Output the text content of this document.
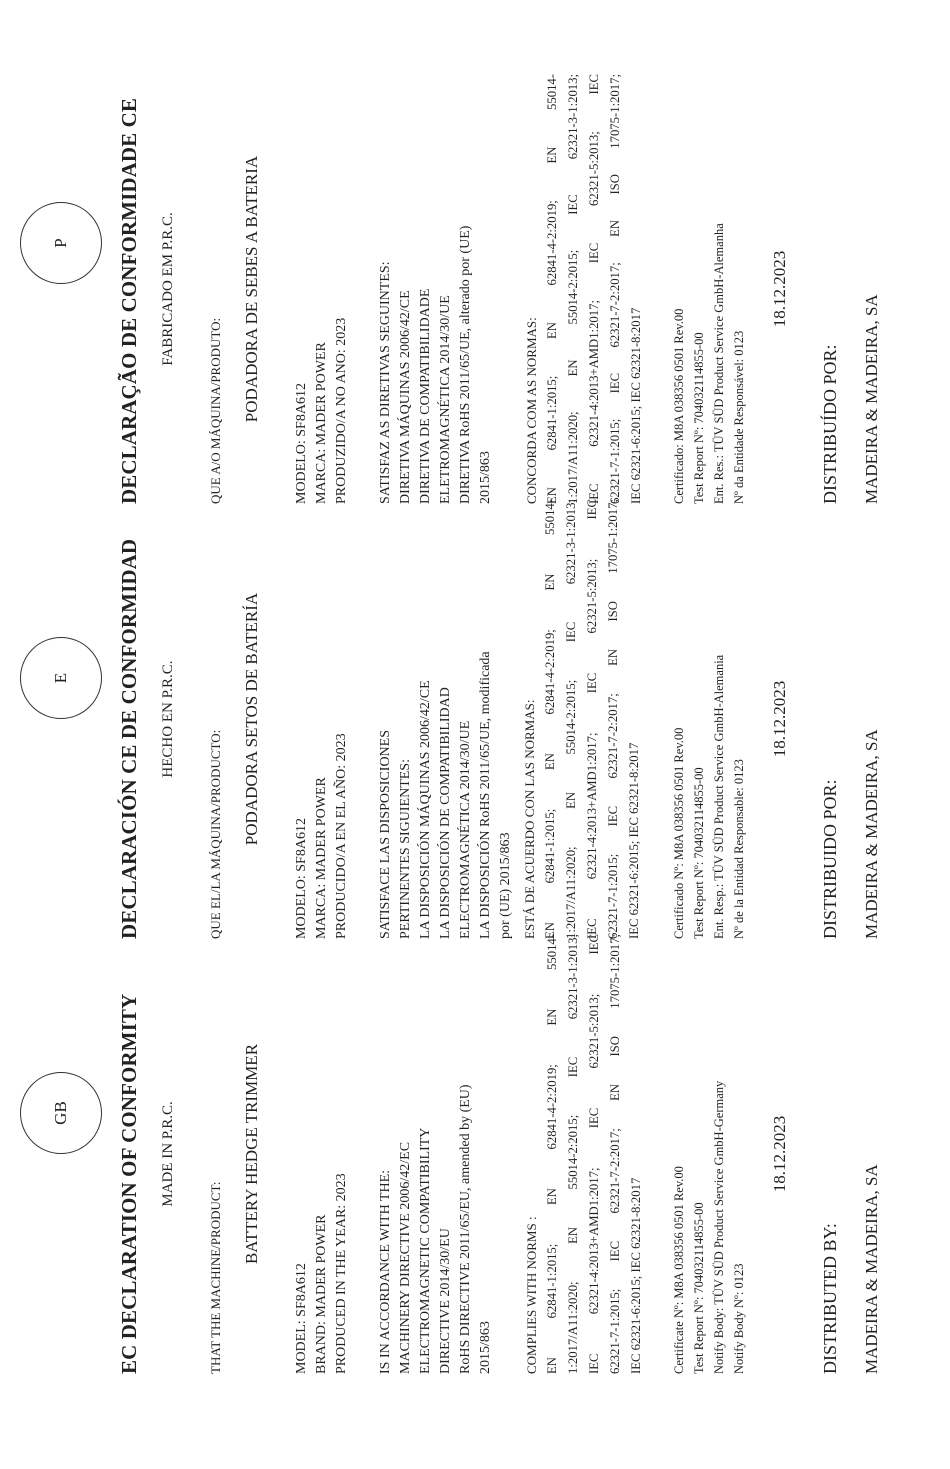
GB EC DECLARATION OF CONFORMITY MADE IN P.R.C.
THAT THE MACHINE/PRODUCT:
BATTERY HEDGE TRIMMER
MODEL: SF8A612 BRAND: MADER POWER PRODUCED IN THE YEAR: 2023 IS IN ACCORDANCE WITH THE: MACHINERY DIRECTIVE 2006/42/EC ELECTROMAGNETIC COMPATIBILITY DIRECTIVE 2014/30/EU RoHS DIRECTIVE 2011/65/EU, amended by (EU) 2015/863 COMPLIES WITH NORMS : EN 62841-1:2015; EN 62841-4-2:2019; EN 55014- 1:2017/A11:2020; EN 55014-2:2015; IEC 62321-3-1:2013; IEC 62321-4:2013+AMD1:2017; IEC 62321-5:2013; IEC 62321-7-1:2015; IEC 62321-7-2:2017; EN ISO 17075-1:2017; IEC 62321-6:2015; IEC 62321-8:2017	Certificate Nº: M8A 038356 0501 Rev.00 Test Report Nº: 704032114855-00 Notify Body: TÜV SÜD Product Service GmbH-Germany Notify Body Nº: 0123
18.12.2023
DISTRIBUTED BY: MADEIRA & MADEIRA, SA
E DECLARACIÓN CE DE CONFORMIDAD HECHO EN P.R.C.
QUE EL/LA MÁQUINA/PRODUCTO: PODADORA SETOS DE BATERÍA
MODELO: SF8A612 MARCA: MADER POWER PRODUCIDO/A EN EL AÑO: 2023 SATISFACE LAS DISPOSICIONES PERTINENTES SIGUIENTES: LA DISPOSICIÓN MÁQUINAS 2006/42/CE LA DISPOSICIÓN DE COMPATIBILIDAD ELECTROMAGNÉTICA 2014/30/UE LA DISPOSICIÓN RoHS 2011/65/UE, modificada por (UE) 2015/863 ESTÁ DE ACUERDO CON LAS NORMAS: EN 62841-1:2015; EN 62841-4-2:2019; EN 55014- 1:2017/A11:2020; EN 55014-2:2015; IEC 62321-3-1:2013; IEC 62321-4:2013+AMD1:2017; IEC 62321-5:2013; IEC 62321-7-1:2015; IEC 62321-7-2:2017; EN ISO 17075-1:2017; IEC 62321-6:2015; IEC 62321-8:2017	Certificado Nº: M8A 038356 0501 Rev.00 Test Report Nº: 704032114855-00 Ent. Resp.: TÜV SÜD Product Service GmbH-Alemania Nº de la Entidad Responsable: 0123
18.12.2023
DISTRIBUIDO POR: MADEIRA & MADEIRA, SA
P DECLARAÇÃO DE CONFORMIDADE CE FABRICADO EM P.R.C.
QUE A/O MÁQUINA/PRODUTO: PODADORA DE SEBES A BATERIA
MODELO: SF8A612 MARCA: MADER POWER PRODUZIDO/A NO ANO: 2023 SATISFAZ AS DIRETIVAS SEGUINTES: DIRETIVA MÁQUINAS 2006/42/CE DIRETIVA DE COMPATIBILIDADE ELETROMAGNÉTICA 2014/30/UE DIRETIVA RoHS 2011/65/UE, alterado por (UE) 2015/863 CONCORDA COM AS NORMAS: EN 62841-1:2015; EN 62841-4-2:2019; EN 55014- 1:2017/A11:2020; EN 55014-2:2015; IEC 62321-3-1:2013; IEC 62321-4:2013+AMD1:2017; IEC 62321-5:2013; IEC 62321-7-1:2015; IEC 62321-7-2:2017; EN ISO 17075-1:2017; IEC 62321-6:2015; IEC 62321-8:2017	Certificado: M8A 038356 0501 Rev.00 Test Report Nº: 704032114855-00 Ent. Res.: TÜV SÜD Product Service GmbH-Alemanha Nº da Entidade Responsável: 0123
18.12.2023
DISTRIBUÍDO POR: MADEIRA & MADEIRA, SA
